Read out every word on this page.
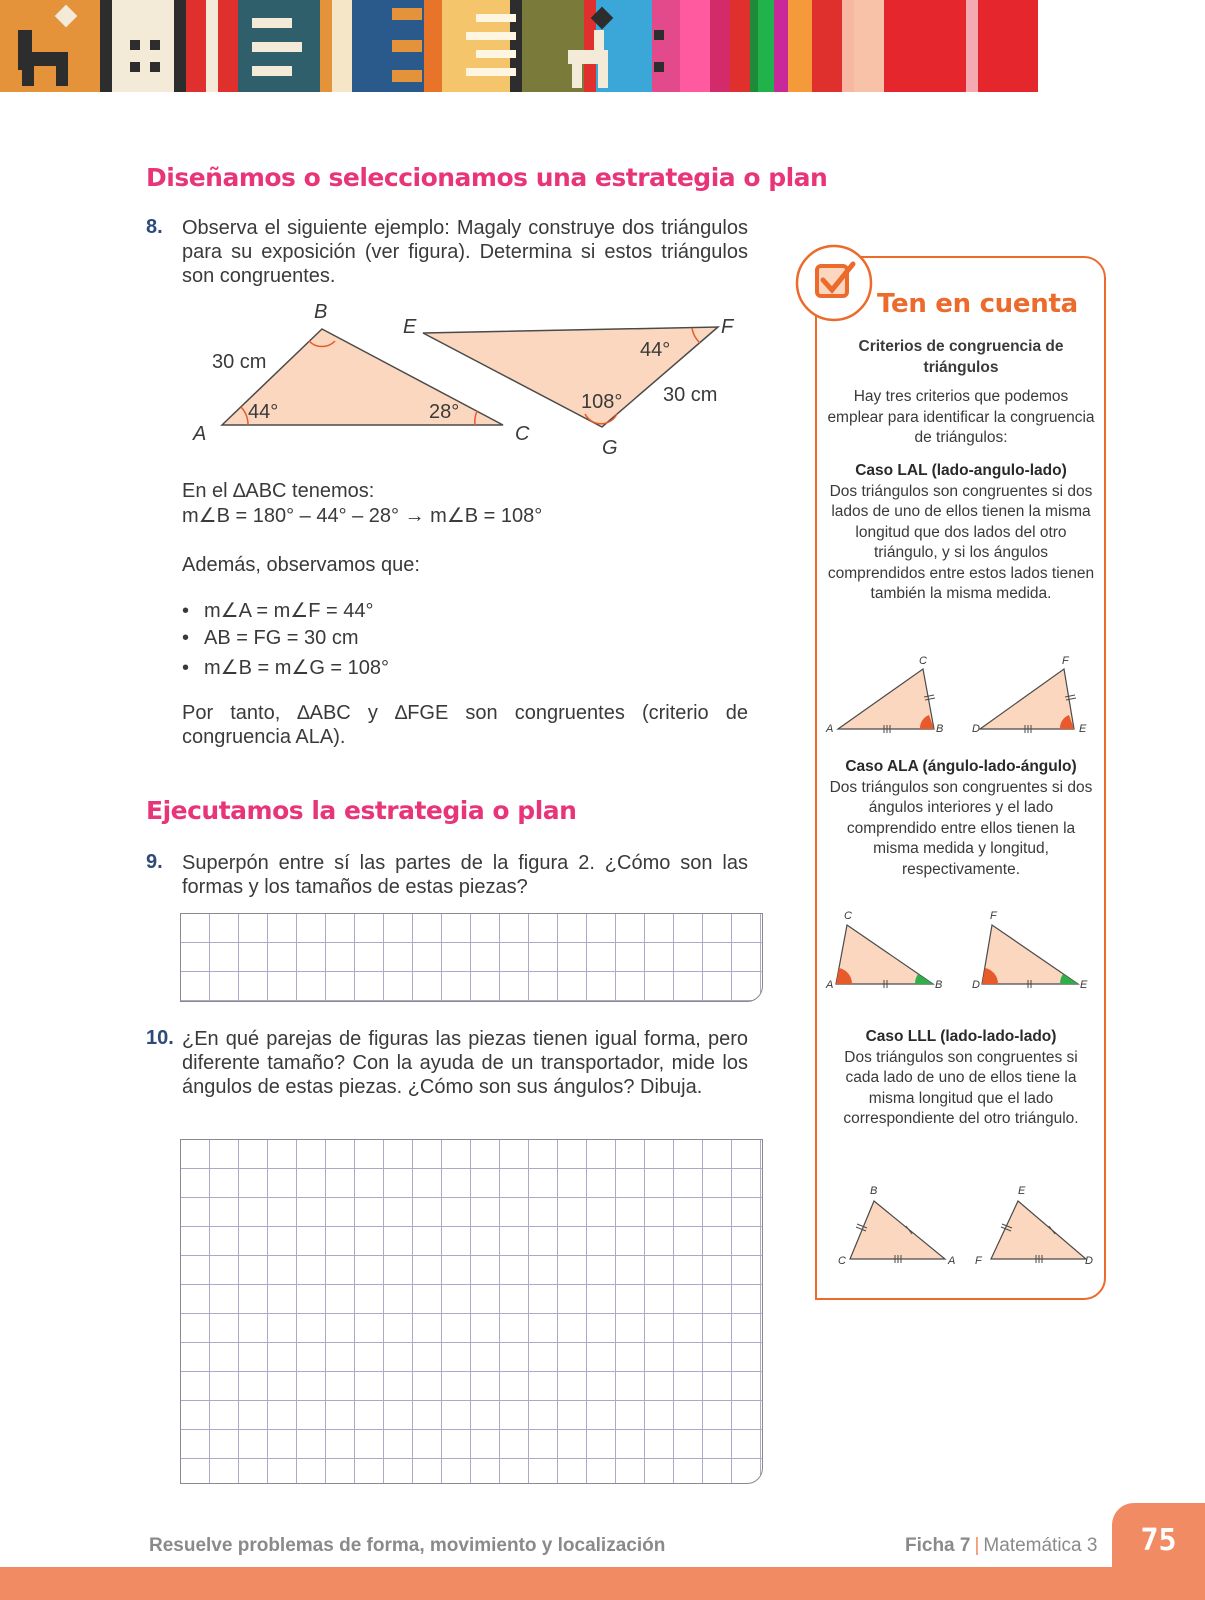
Diseñamos o seleccionamos una estrategia o plan
8. Observa el siguiente ejemplo: Magaly construye dos triángulos para su exposición (ver figura). Determina si estos triángulos son congruentes.
B
E	F
30 cm
44°
108° 30 cm
A
44°	28°
C
G
En el ∆ABC tenemos:
m∠B = 180° – 44° – 28° → m∠B = 108°
Además, observamos que:
• m∠A = m∠F = 44°
• AB = FG = 30 cm
• m∠B = m∠G = 108°
Por tanto, ∆ABC y ∆FGE son congruentes (criterio de congruencia ALA).
Ejecutamos la estrategia o plan
9. Superpón entre sí las partes de la figura 2. ¿Cómo son las formas y los tamaños de estas piezas?
10. ¿En qué parejas de figuras las piezas tienen igual forma, pero diferente tamaño? Con la ayuda de un transportador, mide los ángulos de estas piezas. ¿Cómo son sus ángulos? Dibuja.
Ten en cuenta
Criterios de congruencia de triángulos
Hay tres criterios que podemos emplear para identificar la congruencia de triángulos:
Caso LAL (lado-angulo-lado)
Dos triángulos son congruentes si dos lados de uno de ellos tienen la misma longitud que dos lados del otro triángulo, y si los ángulos comprendidos entre estos lados tienen también la misma medida.
C
A	B
F
D	E
Caso ALA (ángulo-lado-ángulo)
Dos triángulos son congruentes si dos ángulos interiores y el lado comprendido entre ellos tienen la misma medida y longitud, respectivamente.
C
A	B
F
D	E
Caso LLL (lado-lado-lado)
Dos triángulos son congruentes si cada lado de uno de ellos tiene la misma longitud que el lado correspondiente del otro triángulo.
B
C	A
E
F	D
75
Resuelve problemas de forma, movimiento y localización	Ficha 7 | Matemática 3
